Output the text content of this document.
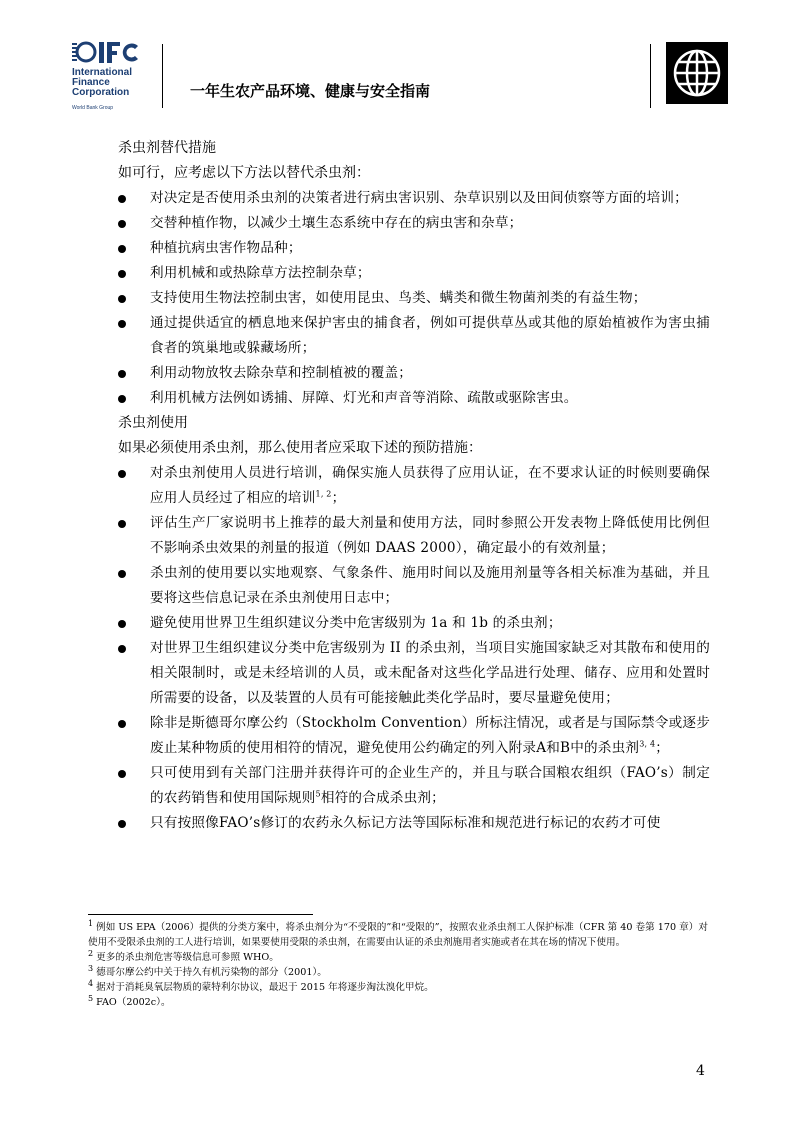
International
Finance
Corporation
World Bank Group
一年生农产品环境、健康与安全指南

杀虫剂替代措施

如可行，应考虑以下方法以替代杀虫剂：

对决定是否使用杀虫剂的决策者进行病虫害识别、杂草识别以及田间侦察等方面的培训；
交替种植作物，以减少土壤生态系统中存在的病虫害和杂草；
种植抗病虫害作物品种；
利用机械和或热除草方法控制杂草；
支持使用生物法控制虫害，如使用昆虫、鸟类、螨类和微生物菌剂类的有益生物；
通过提供适宜的栖息地来保护害虫的捕食者，例如可提供草丛或其他的原始植被作为害虫捕食者的筑巢地或躲藏场所；
利用动物放牧去除杂草和控制植被的覆盖；
利用机械方法例如诱捕、屏障、灯光和声音等消除、疏散或驱除害虫。

杀虫剂使用

如果必须使用杀虫剂，那么使用者应采取下述的预防措施：

对杀虫剂使用人员进行培训，确保实施人员获得了应用认证，在不要求认证的时候则要确保应用人员经过了相应的培训$^{1, 2}$；
评估生产厂家说明书上推荐的最大剂量和使用方法，同时参照公开发表物上降低使用比例但不影响杀虫效果的剂量的报道（例如 DAAS 2000），确定最小的有效剂量；
杀虫剂的使用要以实地观察、气象条件、施用时间以及施用剂量等各相关标准为基础，并且要将这些信息记录在杀虫剂使用日志中；
避免使用世界卫生组织建议分类中危害级别为 1a 和 1b 的杀虫剂；
对世界卫生组织建议分类中危害级别为 II 的杀虫剂，当项目实施国家缺乏对其散布和使用的相关限制时，或是未经培训的人员，或未配备对这些化学品进行处理、储存、应用和处置时所需要的设备，以及装置的人员有可能接触此类化学品时，要尽量避免使用；
除非是斯德哥尔摩公约（Stockholm Convention）所标注情况，或者是与国际禁令或逐步废止某种物质的使用相符的情况，避免使用公约确定的列入附录A和B中的杀虫剂$^{3, 4}$；
只可使用到有关部门注册并获得许可的企业生产的，并且与联合国粮农组织（FAO’s）制定的农药销售和使用国际规则$^5$相符的合成杀虫剂；
只有按照像FAO’s修订的农药永久标记方法等国际标准和规范进行标记的农药才可使

$^1$ 例如 US EPA（2006）提供的分类方案中，将杀虫剂分为“不受限的”和“受限的”，按照农业杀虫剂工人保护标准（CFR 第 40 卷第 170 章）对使用不受限杀虫剂的工人进行培训，如果要使用受限的杀虫剂，在需要由认证的杀虫剂施用者实施或者在其在场的情况下使用。

$^2$ 更多的杀虫剂危害等级信息可参照 WHO。

$^3$ 德哥尔摩公约中关于持久有机污染物的部分（2001）。

$^4$ 据对于消耗臭氧层物质的蒙特利尔协议，最迟于 2015 年将逐步淘汰溴化甲烷。

$^5$ FAO（2002c）。

4
